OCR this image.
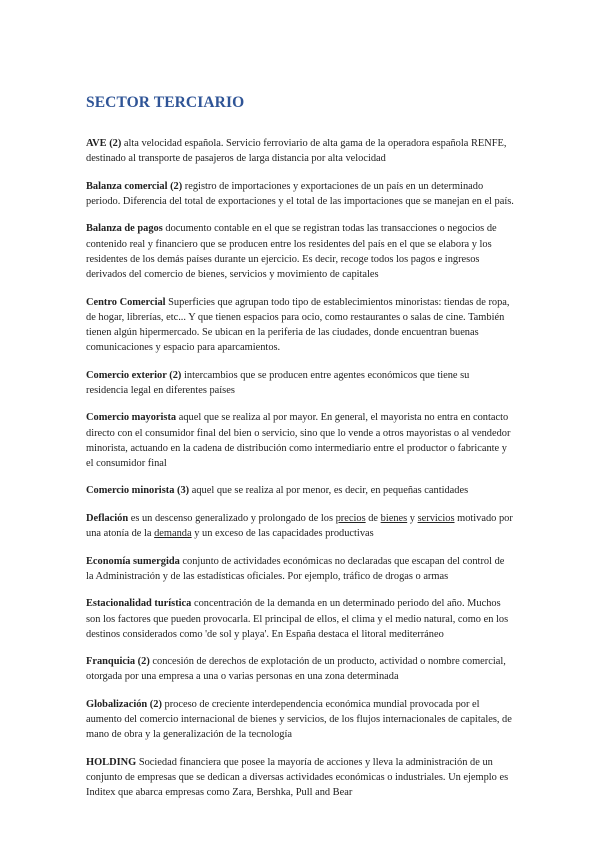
SECTOR TERCIARIO

AVE (2) alta velocidad española. Servicio ferroviario de alta gama de la operadora española RENFE, destinado al transporte de pasajeros de larga distancia por alta velocidad

Balanza comercial (2) registro de importaciones y exportaciones de un país en un determinado periodo. Diferencia del total de exportaciones y el total de las importaciones que se manejan en el país.

Balanza de pagos documento contable en el que se registran todas las transacciones o negocios de contenido real y financiero que se producen entre los residentes del país en el que se elabora y los residentes de los demás países durante un ejercicio. Es decir, recoge todos los pagos e ingresos derivados del comercio de bienes, servicios y movimiento de capitales

Centro Comercial Superficies que agrupan todo tipo de establecimientos minoristas: tiendas de ropa, de hogar, librerías, etc... Y que tienen espacios para ocio, como restaurantes o salas de cine. También tienen algún hipermercado. Se ubican en la periferia de las ciudades, donde encuentran buenas comunicaciones y espacio para aparcamientos.

Comercio exterior (2) intercambios que se producen entre agentes económicos que tiene su residencia legal en diferentes países

Comercio mayorista aquel que se realiza al por mayor. En general, el mayorista no entra en contacto directo con el consumidor final del bien o servicio, sino que lo vende a otros mayoristas o al vendedor minorista, actuando en la cadena de distribución como intermediario entre el productor o fabricante y el consumidor final

Comercio minorista (3) aquel que se realiza al por menor, es decir, en pequeñas cantidades

Deflación es un descenso generalizado y prolongado de los precios de bienes y servicios motivado por una atonía de la demanda y un exceso de las capacidades productivas

Economía sumergida conjunto de actividades económicas no declaradas que escapan del control de la Administración y de las estadísticas oficiales. Por ejemplo, tráfico de drogas o armas

Estacionalidad turística concentración de la demanda en un determinado periodo del año. Muchos son los factores que pueden provocarla. El principal de ellos, el clima y el medio natural, como en los destinos considerados como 'de sol y playa'. En España destaca el litoral mediterráneo

Franquicia (2) concesión de derechos de explotación de un producto, actividad o nombre comercial, otorgada por una empresa a una o varias personas en una zona determinada

Globalización (2) proceso de creciente interdependencia económica mundial provocada por el aumento del comercio internacional de bienes y servicios, de los flujos internacionales de capitales, de mano de obra y la generalización de la tecnología

HOLDING Sociedad financiera que posee la mayoría de acciones y lleva la administración de un conjunto de empresas que se dedican a diversas actividades económicas o industriales. Un ejemplo es Inditex que abarca empresas como Zara, Bershka, Pull and Bear
